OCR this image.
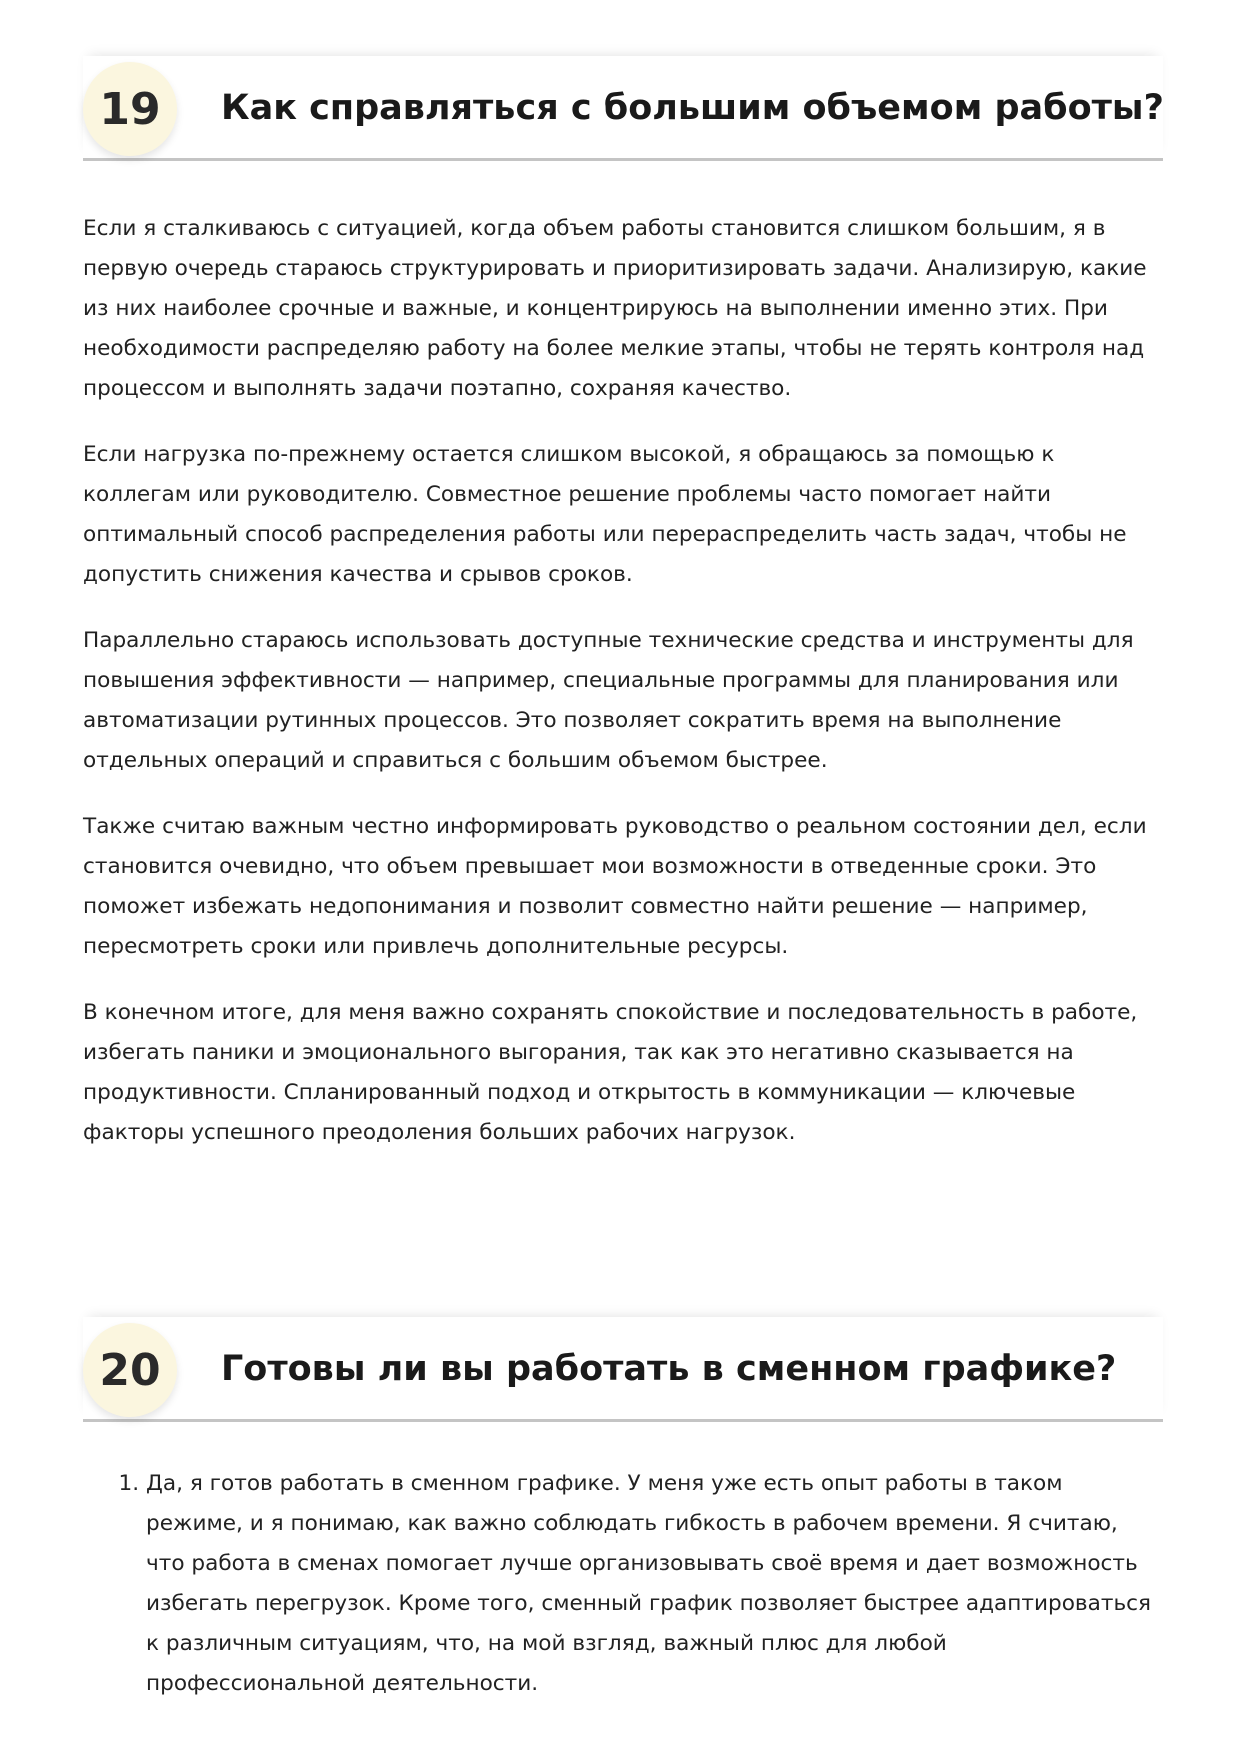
19	Как справляться с большим объемом работы?

Если я сталкиваюсь с ситуацией, когда объем работы становится слишком большим, я в первую очередь стараюсь структурировать и приоритизировать задачи. Анализирую, какие из них наиболее срочные и важные, и концентрируюсь на выполнении именно этих. При необходимости распределяю работу на более мелкие этапы, чтобы не терять контроля над процессом и выполнять задачи поэтапно, сохраняя качество.

Если нагрузка по-прежнему остается слишком высокой, я обращаюсь за помощью к коллегам или руководителю. Совместное решение проблемы часто помогает найти оптимальный способ распределения работы или перераспределить часть задач, чтобы не допустить снижения качества и срывов сроков.

Параллельно стараюсь использовать доступные технические средства и инструменты для повышения эффективности — например, специальные программы для планирования или автоматизации рутинных процессов. Это позволяет сократить время на выполнение отдельных операций и справиться с большим объемом быстрее.

Также считаю важным честно информировать руководство о реальном состоянии дел, если становится очевидно, что объем превышает мои возможности в отведенные сроки. Это поможет избежать недопонимания и позволит совместно найти решение — например, пересмотреть сроки или привлечь дополнительные ресурсы.

В конечном итоге, для меня важно сохранять спокойствие и последовательность в работе, избегать паники и эмоционального выгорания, так как это негативно сказывается на продуктивности. Спланированный подход и открытость в коммуникации — ключевые факторы успешного преодоления больших рабочих нагрузок.

20	Готовы ли вы работать в сменном графике?
1. Да, я готов работать в сменном графике. У меня уже есть опыт работы в таком режиме, и я понимаю, как важно соблюдать гибкость в рабочем времени. Я считаю, что работа в сменах помогает лучше организовывать своё время и дает возможность избегать перегрузок. Кроме того, сменный график позволяет быстрее адаптироваться к различным ситуациям, что, на мой взгляд, важный плюс для любой профессиональной деятельности.
